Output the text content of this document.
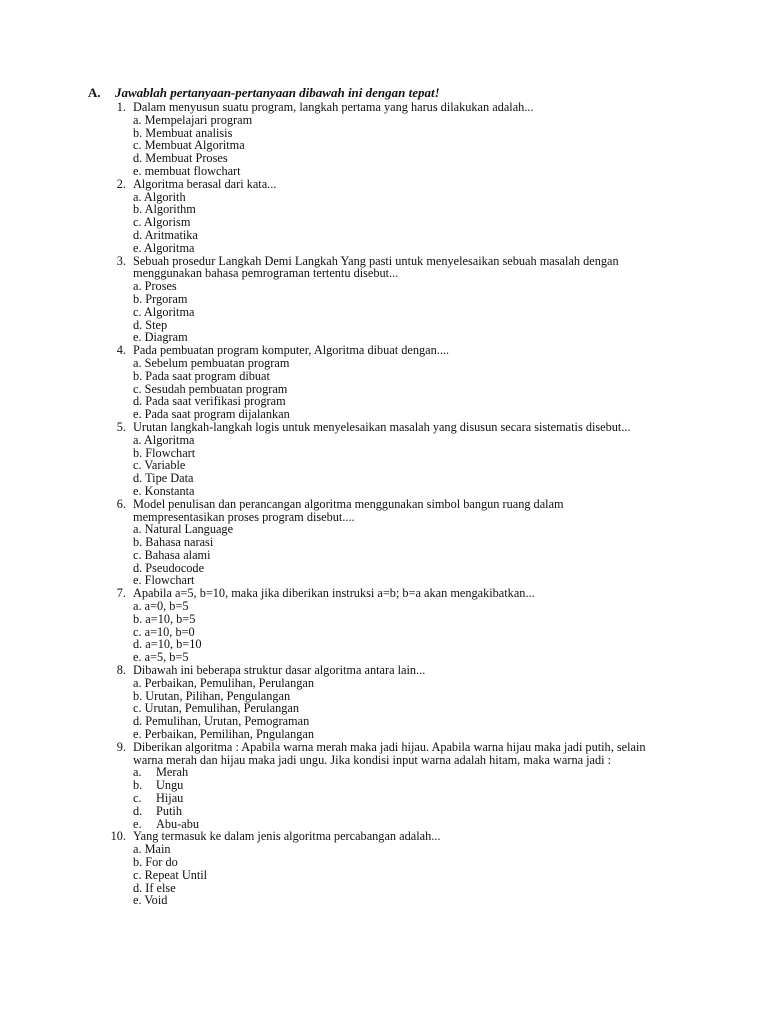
A.	Jawablah pertanyaan-pertanyaan dibawah ini dengan tepat!
1. Dalam menyusun suatu program, langkah pertama yang harus dilakukan adalah...
a. Mempelajari program
b. Membuat analisis
c. Membuat Algoritma
d. Membuat Proses
e. membuat flowchart
2. Algoritma berasal dari kata...
a. Algorith
b. Algorithm
c. Algorism
d. Aritmatika
e. Algoritma
3. Sebuah prosedur Langkah Demi Langkah Yang pasti untuk menyelesaikan sebuah masalah dengan menggunakan bahasa pemrograman tertentu disebut...
a. Proses
b. Prgoram
c. Algoritma
d. Step
e. Diagram
4. Pada pembuatan program komputer, Algoritma dibuat dengan....
a. Sebelum pembuatan program
b. Pada saat program dibuat
c. Sesudah pembuatan program
d. Pada saat verifikasi program
e. Pada saat program dijalankan
5. Urutan langkah-langkah logis untuk menyelesaikan masalah yang disusun secara sistematis disebut...
a. Algoritma
b. Flowchart
c. Variable
d. Tipe Data
e. Konstanta
6. Model penulisan dan perancangan algoritma menggunakan simbol bangun ruang dalam mempresentasikan proses program disebut....
a. Natural Language
b. Bahasa narasi
c. Bahasa alami
d. Pseudocode
e. Flowchart
7. Apabila a=5, b=10, maka jika diberikan instruksi a=b; b=a akan mengakibatkan...
a. a=0, b=5
b. a=10, b=5
c. a=10, b=0
d. a=10, b=10
e. a=5, b=5
8. Dibawah ini beberapa struktur dasar algoritma antara lain...
a. Perbaikan, Pemulihan, Perulangan
b. Urutan, Pilihan, Pengulangan
c. Urutan, Pemulihan, Perulangan
d. Pemulihan, Urutan, Pemograman
e. Perbaikan, Pemilihan, Pngulangan
9. Diberikan algoritma : Apabila warna merah maka jadi hijau. Apabila warna hijau maka jadi putih, selain warna merah dan hijau maka jadi ungu. Jika kondisi input warna adalah hitam, maka warna jadi :
a.	Merah
b.	Ungu
c.	Hijau
d.	Putih
e.	Abu-abu
10. Yang termasuk ke dalam jenis algoritma percabangan adalah...
a. Main
b. For do
c. Repeat Until
d. If else
e. Void
